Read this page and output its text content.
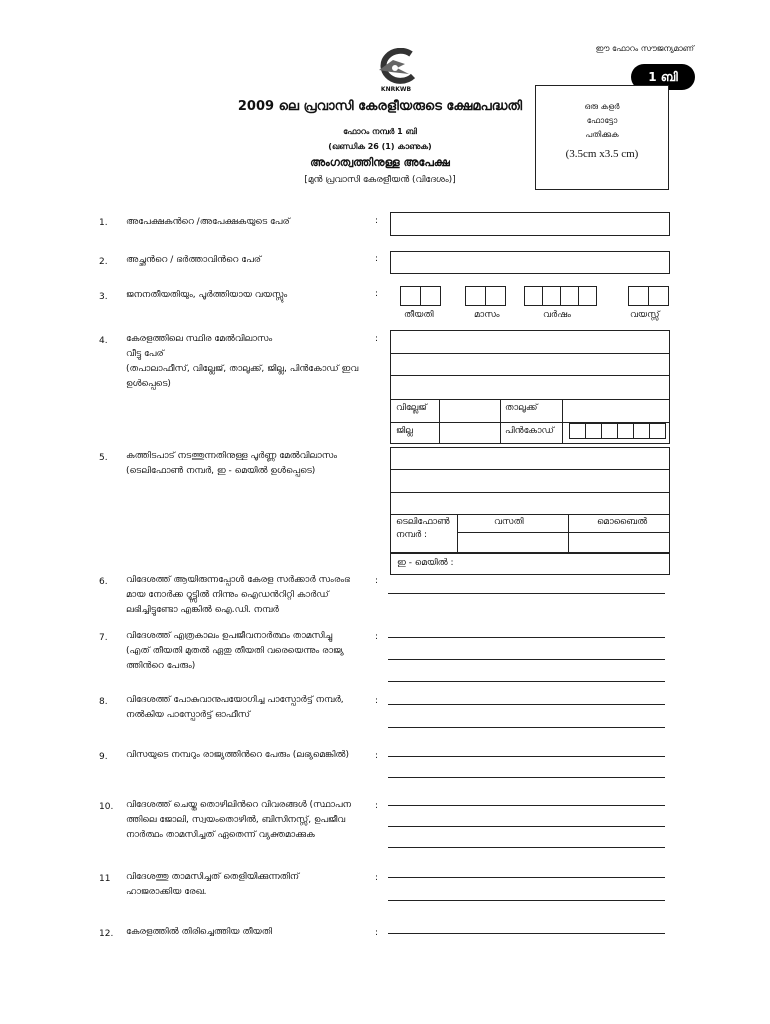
ഈ ഫോറം സൗജന്യമാണ്
1 ബി
KNRKWB
2009 ലെ പ്രവാസി കേരളീയരുടെ ക്ഷേമപദ്ധതി
ഫോറം നമ്പര്‍ 1 ബി
(ഖണ്ഡിക 26 (1) കാണുക)
അംഗത്വത്തിനുള്ള അപേക്ഷ
[മുന്‍ പ്രവാസി കേരളീയന്‍ (വിദേശം)]
ഒരു കളര്‍
ഫോട്ടോ
പതിക്കുക
(3.5cm x3.5 cm)
1. അപേക്ഷകന്‍റെ /അപേക്ഷകയുടെ പേര്	:
2. അച്ഛന്‍റെ / ഭര്‍ത്താവിന്‍റെ പേര്	:
3. ജനനതീയതിയും, പൂര്‍ത്തിയായ വയസ്സും	:
തീയതി	മാസം	വര്‍ഷം	വയസ്സ്
4. കേരളത്തിലെ സ്ഥിര മേല്‍വിലാസം
വീട്ടു പേര്
(തപാലാഫീസ്, വില്ലേജ്, താലൂക്ക്, ജില്ല, പിന്‍കോഡ് ഇവ
ഉള്‍പ്പെടെ)
:
വില്ലേജ്	താലൂക്ക്
ജില്ല	പിന്‍കോഡ്
5. കത്തിടപാട് നടത്തുന്നതിനുള്ള പൂര്‍ണ്ണ മേല്‍വിലാസം
(ടെലിഫോണ്‍ നമ്പര്‍, ഇ - മെയില്‍ ഉള്‍പ്പെടെ)
ടെലിഫോണ്‍
നമ്പര്‍ :
വസതി	മൊബൈല്‍
ഇ - മെയില്‍ :
6. വിദേശത്ത് ആയിരുന്നപ്പോള്‍ കേരള സര്‍ക്കാര്‍ സംരംഭ
മായ നോര്‍ക്ക റൂട്ട്സില്‍ നിന്നും ഐഡന്‍റിറ്റി കാര്‍ഡ്
ലഭിച്ചിട്ടുണ്ടോ എങ്കില്‍ ഐ.ഡി. നമ്പര്‍
:
7. വിദേശത്ത് എത്രകാലം ഉപജീവനാര്‍ത്ഥം താമസിച്ചു
(എത് തീയതി മുതല്‍ ഏതു തീയതി വരെയെന്നും രാജ്യ
ത്തിന്‍റെ പേരും)
:
8. വിദേശത്ത് പോകുവാനുപയോഗിച്ച പാസ്പോര്‍ട്ട് നമ്പര്‍,
നല്‍കിയ പാസ്പോര്‍ട്ട് ഓഫീസ്
:
9. വിസയുടെ നമ്പറും രാജ്യത്തിന്‍റെ പേരും (ലഭ്യമെങ്കില്‍)	:
10. വിദേശത്ത് ചെയ്ത തൊഴിലിന്‍റെ വിവരങ്ങള്‍ (സ്ഥാപന
ത്തിലെ ജോലി, സ്വയംതൊഴില്‍, ബിസിനസ്സ്, ഉപജീവ
നാര്‍ത്ഥം താമസിച്ചത് ഏതെന്ന് വ്യക്തമാക്കുക
:
11 വിദേശത്തു താമസിച്ചത് തെളിയിക്കുന്നതിന്
ഹാജരാക്കിയ രേഖ.
:
12. കേരളത്തില്‍ തിരിച്ചെത്തിയ തീയതി	:
